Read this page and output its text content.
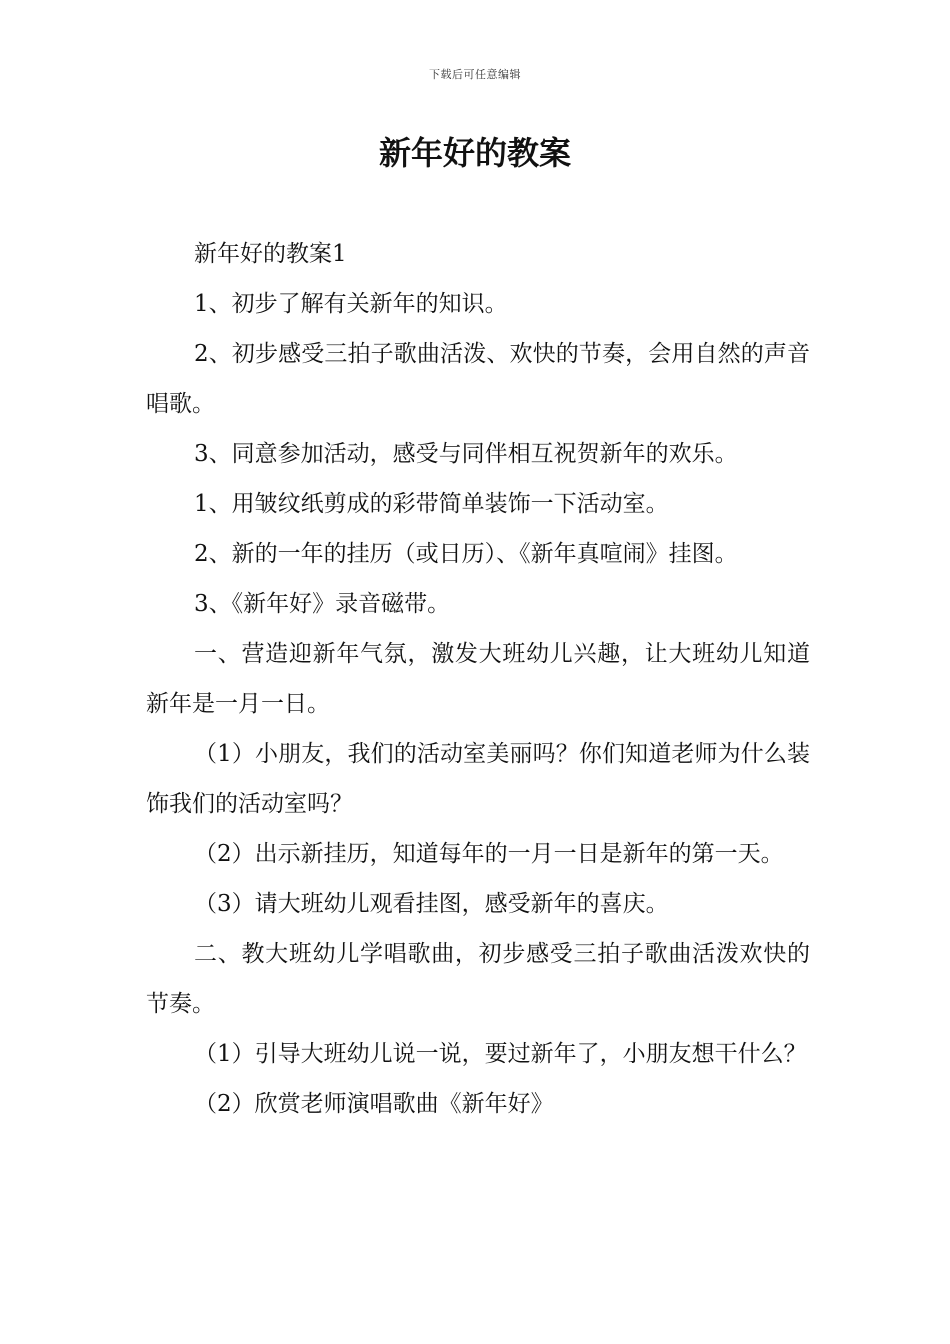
下载后可任意编辑
新年好的教案

新年好的教案1

1、初步了解有关新年的知识。

2、初步感受三拍子歌曲活泼、欢快的节奏，会用自然的声音唱歌。

3、同意参加活动，感受与同伴相互祝贺新年的欢乐。

1、用皱纹纸剪成的彩带简单装饰一下活动室。

2、新的一年的挂历（或日历）、《新年真喧闹》挂图。

3、《新年好》录音磁带。

一、营造迎新年气氛，激发大班幼儿兴趣，让大班幼儿知道新年是一月一日。

（1）小朋友，我们的活动室美丽吗？你们知道老师为什么装饰我们的活动室吗？

（2）出示新挂历，知道每年的一月一日是新年的第一天。

（3）请大班幼儿观看挂图，感受新年的喜庆。

二、教大班幼儿学唱歌曲，初步感受三拍子歌曲活泼欢快的节奏。

（1）引导大班幼儿说一说，要过新年了，小朋友想干什么？

（2）欣赏老师演唱歌曲《新年好》
